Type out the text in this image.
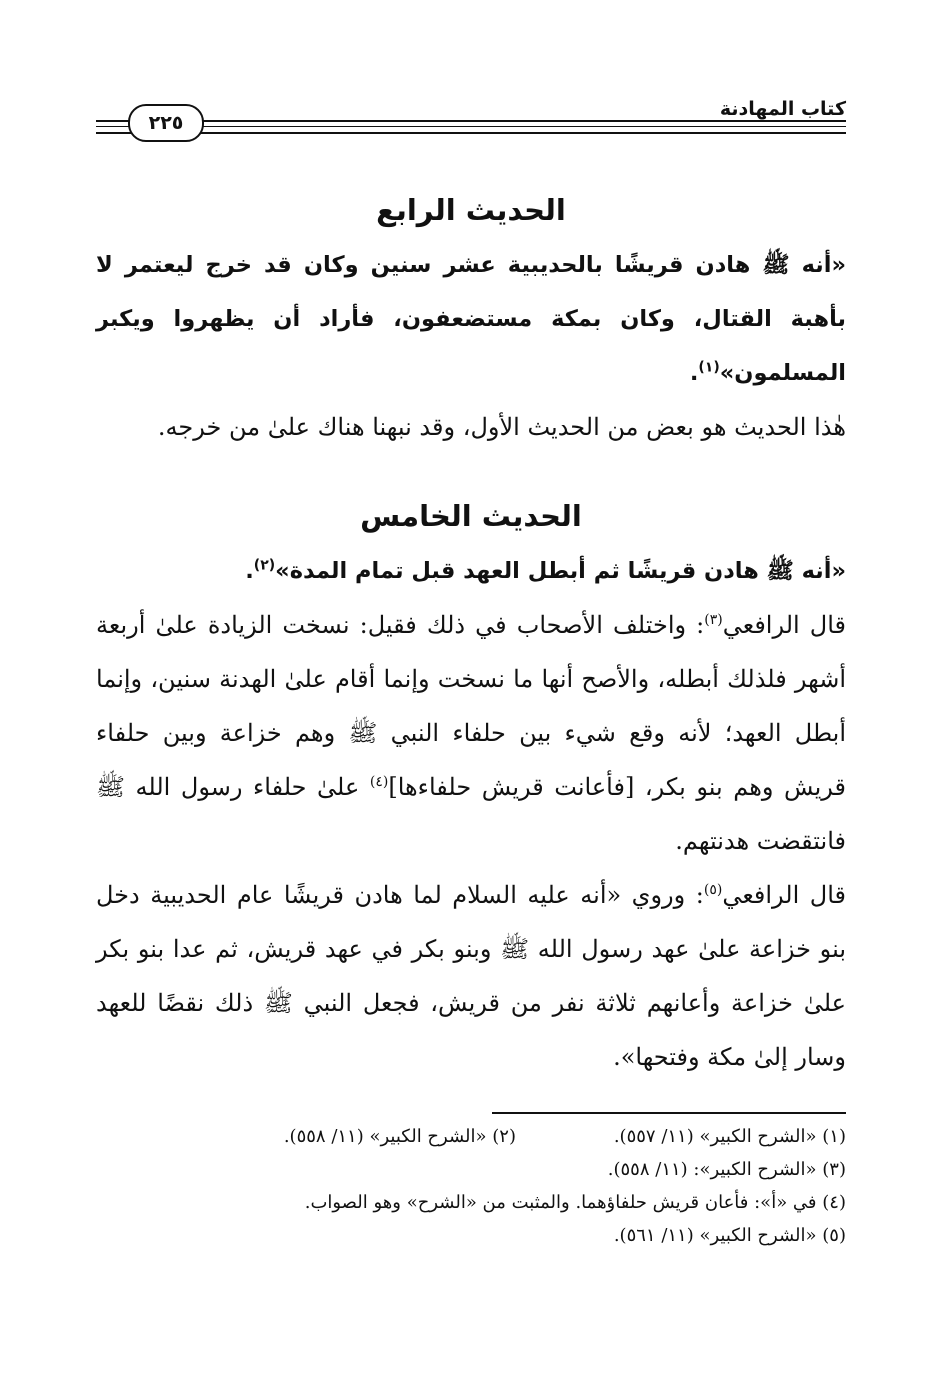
كتاب المهادنة
٢٢٥
الحديث الرابع

«أنه ﷺ هادن قريشًا بالحديبية عشر سنين وكان قد خرج ليعتمر لا بأهبة القتال، وكان بمكة مستضعفون، فأراد أن يظهروا ويكبر المسلمون»$^{(١)}$.

هٰذا الحديث هو بعض من الحديث الأول، وقد نبهنا هناك علىٰ من خرجه.

الحديث الخامس

«أنه ﷺ هادن قريشًا ثم أبطل العهد قبل تمام المدة»$^{(٢)}$.

قال الرافعي$^{(٣)}$: واختلف الأصحاب في ذلك فقيل: نسخت الزيادة علىٰ أربعة أشهر فلذلك أبطله، والأصح أنها ما نسخت وإنما أقام علىٰ الهدنة سنين، وإنما أبطل العهد؛ لأنه وقع شيء بين حلفاء النبي ﷺ وهم خزاعة وبين حلفاء قريش وهم بنو بكر، [فأعانت قريش حلفاءها]$^{(٤)}$ علىٰ حلفاء رسول الله ﷺ فانتقضت هدنتهم.

قال الرافعي$^{(٥)}$: وروي «أنه عليه السلام لما هادن قريشًا عام الحديبية دخل بنو خزاعة علىٰ عهد رسول الله ﷺ وبنو بكر في عهد قريش، ثم عدا بنو بكر علىٰ خزاعة وأعانهم ثلاثة نفر من قريش، فجعل النبي ﷺ ذلك نقضًا للعهد وسار إلىٰ مكة وفتحها».

(١) «الشرح الكبير» (١١/ ٥٥٧).
(٢) «الشرح الكبير» (١١/ ٥٥٨).
(٣) «الشرح الكبير»: (١١/ ٥٥٨).
(٤) في «أ»: فأعان قريش حلفاؤهما. والمثبت من «الشرح» وهو الصواب.
(٥) «الشرح الكبير» (١١/ ٥٦١).
